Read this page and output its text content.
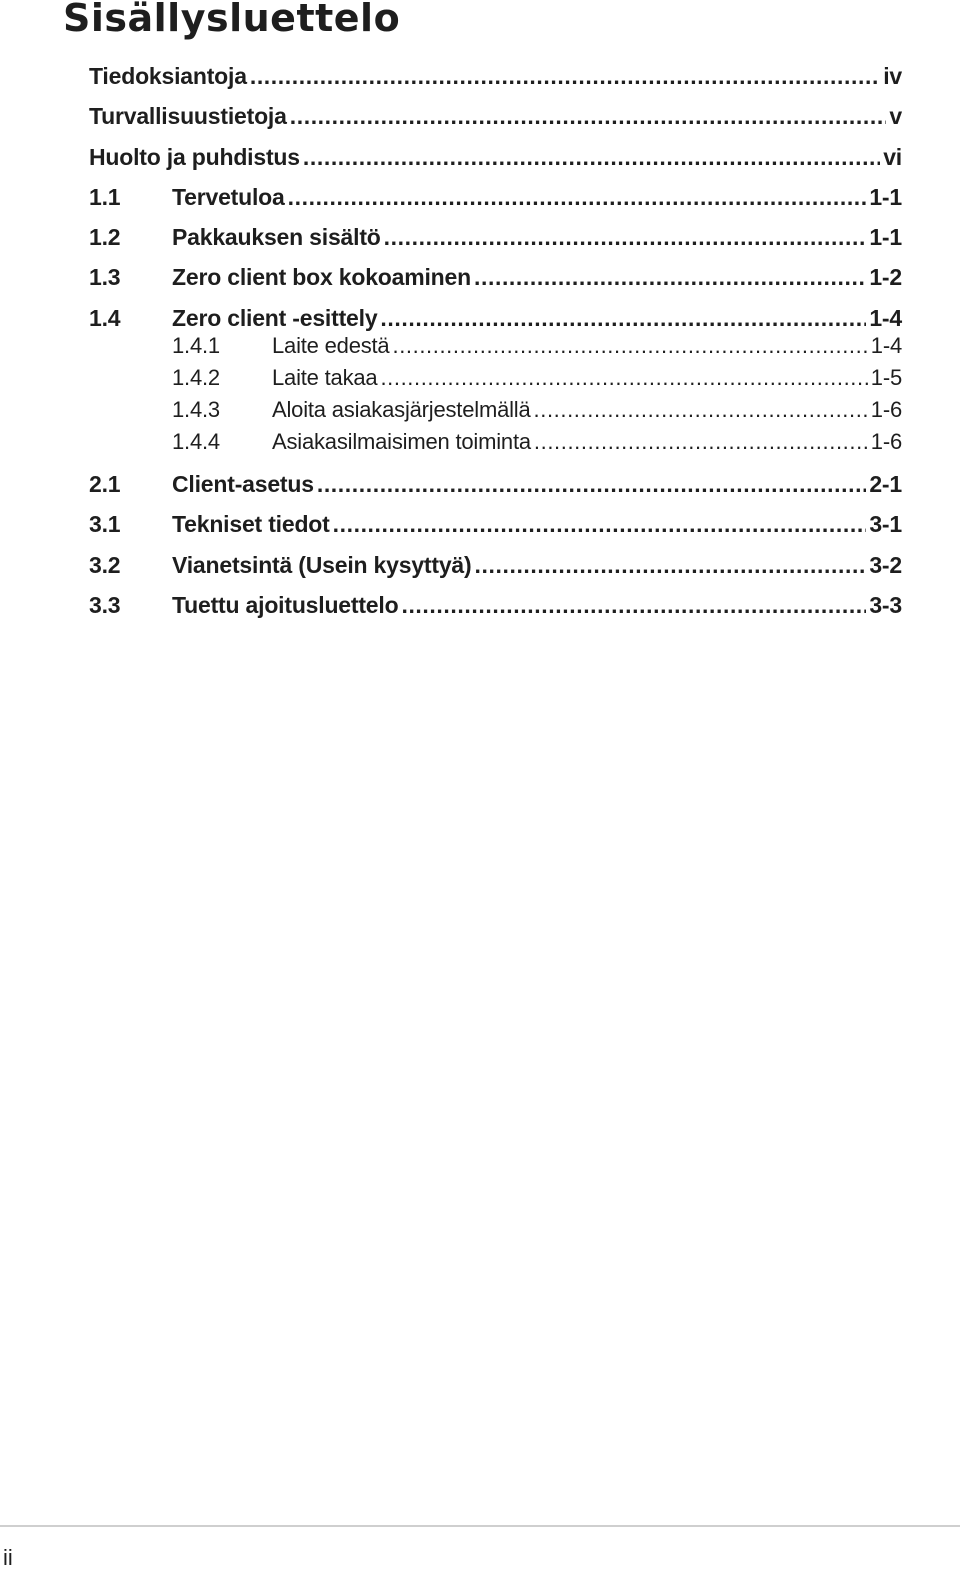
Sisällysluettelo
Tiedoksiantoja .....	iv
Turvallisuustietoja .....	v
Huolto ja puhdistus .....	vi
1.1	Tervetuloa .....	1-1
1.2	Pakkauksen sisältö .....	1-1
1.3	Zero client box kokoaminen .....	1-2
1.4	Zero client -esittely .....	1-4
1.4.1	Laite edestä .....	1-4
1.4.2	Laite takaa .....	1-5
1.4.3	Aloita asiakasjärjestelmällä .....	1-6
1.4.4	Asiakasilmaisimen toiminta .....	1-6
2.1	Client-asetus .....	2-1
3.1	Tekniset tiedot .....	3-1
3.2	Vianetsintä (Usein kysyttyä) .....	3-2
3.3	Tuettu ajoitusluettelo .....	3-3
ii
